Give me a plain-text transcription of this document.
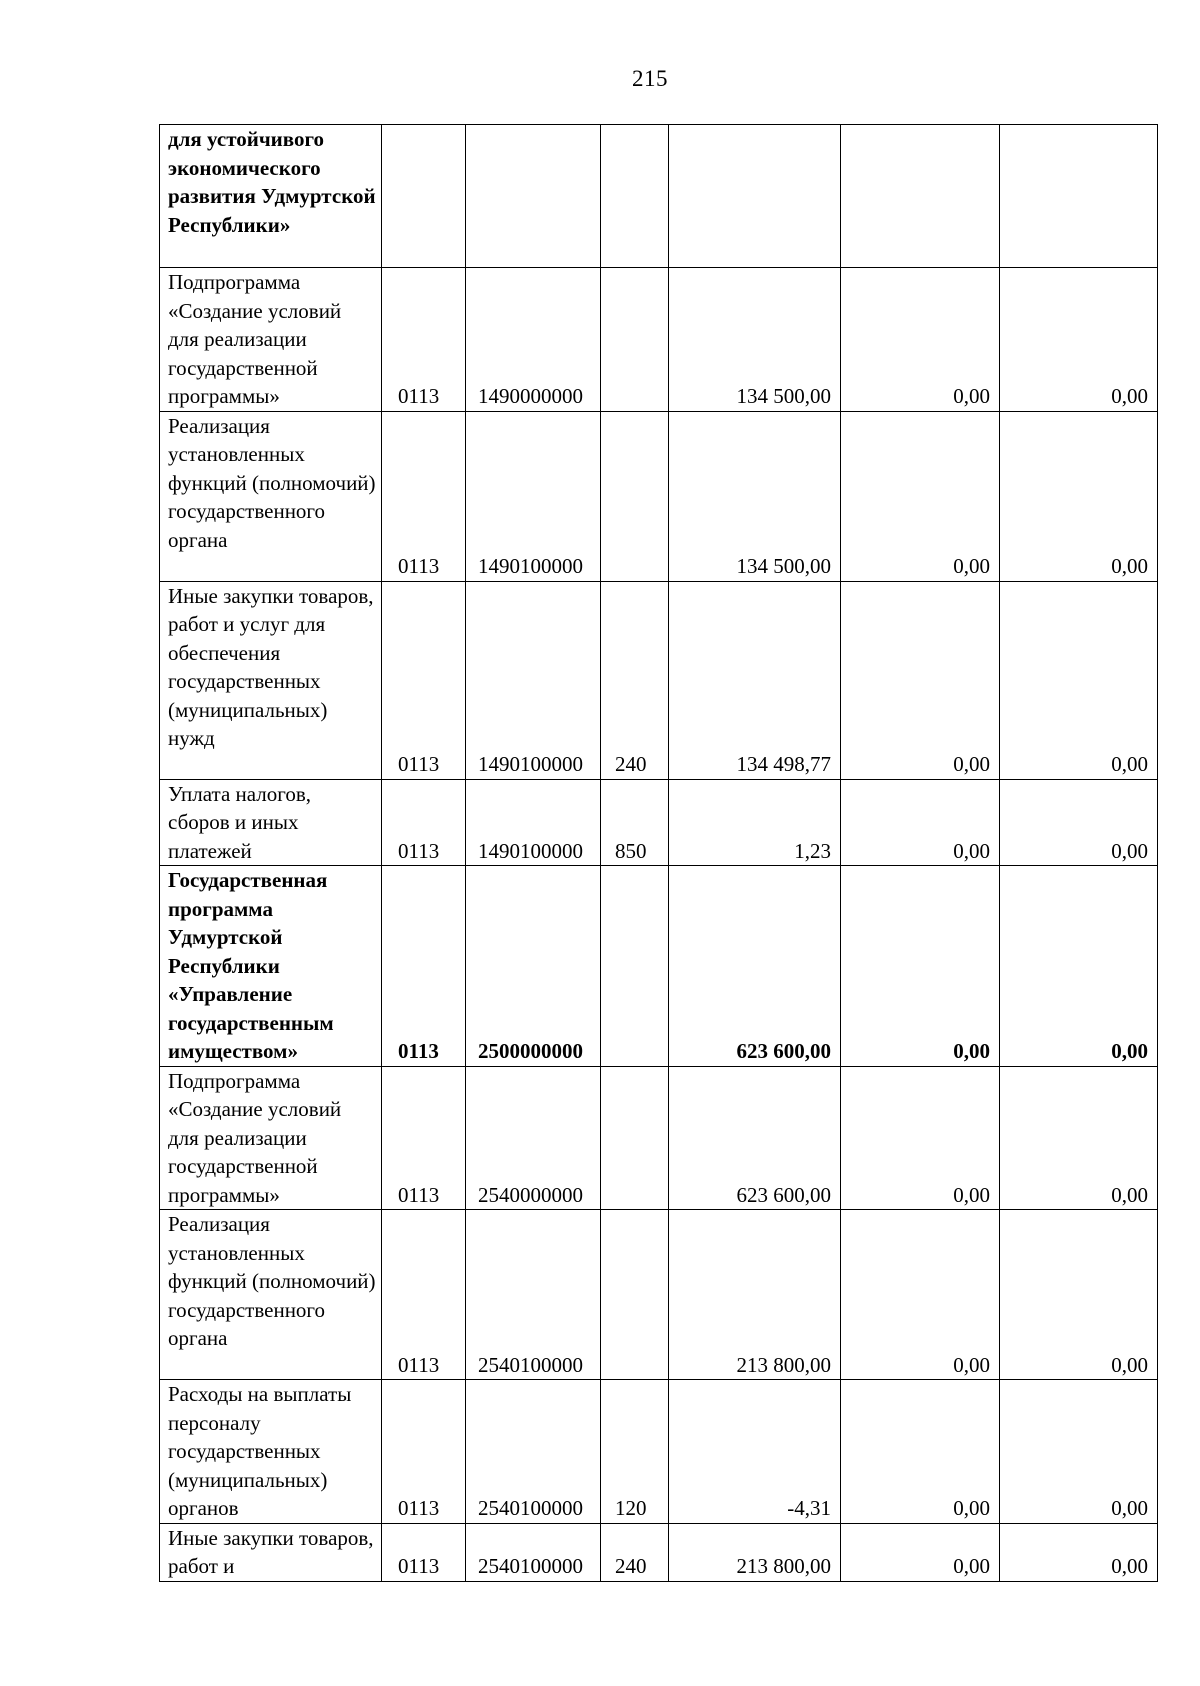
215
для устойчивого экономического развития Удмуртской Республики»						
Подпрограмма «Создание условий для реализации государственной программы»	0113	1490000000		134 500,00	0,00	0,00
Реализация установленных функций (полномочий) государственного органа	0113	1490100000		134 500,00	0,00	0,00
Иные закупки товаров, работ и услуг для обеспечения государственных (муниципальных) нужд	0113	1490100000	240	134 498,77	0,00	0,00
Уплата налогов, сборов и иных платежей	0113	1490100000	850	1,23	0,00	0,00
Государственная программа Удмуртской Республики «Управление государственным имуществом»	0113	2500000000		623 600,00	0,00	0,00
Подпрограмма «Создание условий для реализации государственной программы»	0113	2540000000		623 600,00	0,00	0,00
Реализация установленных функций (полномочий) государственного органа	0113	2540100000		213 800,00	0,00	0,00
Расходы на выплаты персоналу государственных (муниципальных) органов	0113	2540100000	120	-4,31	0,00	0,00
Иные закупки товаров, работ и	0113	2540100000	240	213 800,00	0,00	0,00
